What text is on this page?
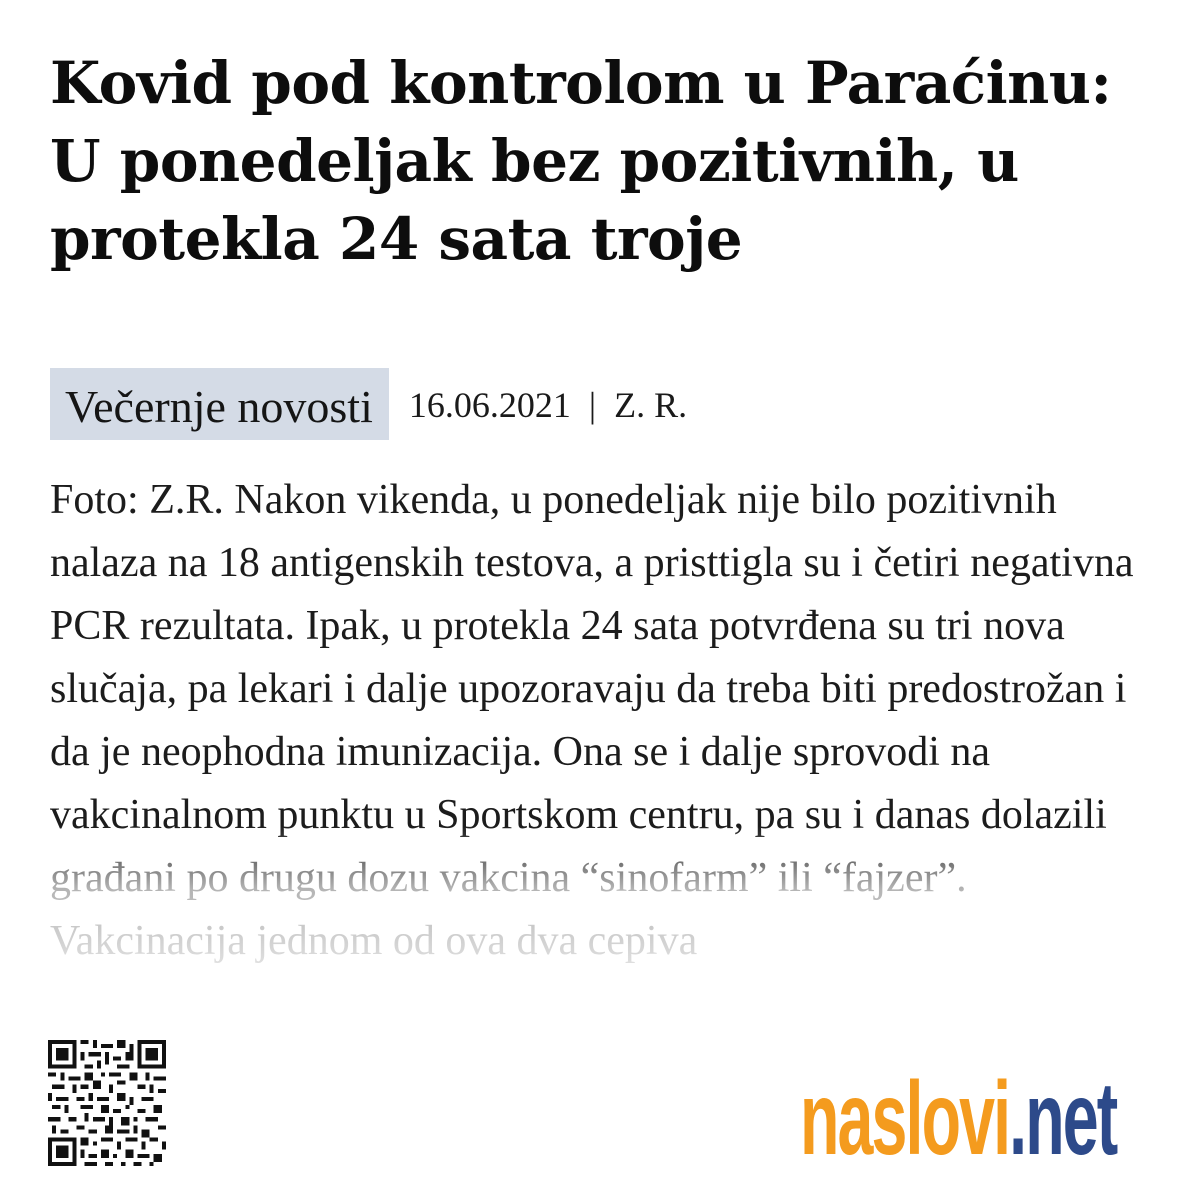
Kovid pod kontrolom u Paraćinu: U ponedeljak bez pozitivnih, u protekla 24 sata troje
Večernje novosti	16.06.2021 | Z. R.

Foto: Z.R. Nakon vikenda, u ponedeljak nije bilo pozitivnih nalaza na 18 antigenskih testova, a pristtigla su i četiri negativna PCR rezultata. Ipak, u protekla 24 sata potvrđena su tri nova slučaja, pa lekari i dalje upozoravaju da treba biti predostrožan i da je neophodna imunizacija. Ona se i dalje sprovodi na vakcinalnom punktu u Sportskom centru, pa su i danas dolazili građani po drugu dozu vakcina “sinofarm” ili “fajzer”. Vakcinacija jednom od ova dva cepiva

naslovi .net
